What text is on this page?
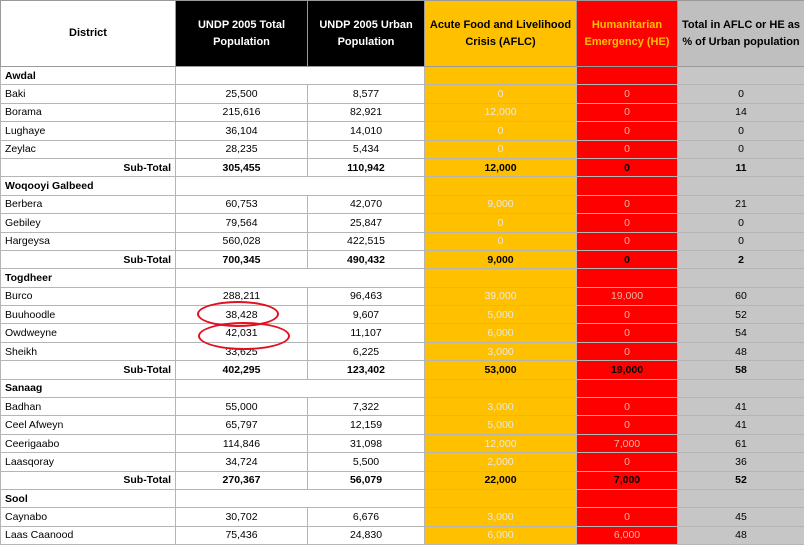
District	UNDP 2005 Total Population	UNDP 2005 Urban Population	Acute Food and Livelihood Crisis (AFLC)	Humanitarian Emergency (HE)	Total in AFLC or HE as % of Urban population
Awdal					
Baki	25,500	8,577	0	0	0
Borama	215,616	82,921	12,000	0	14
Lughaye	36,104	14,010	0	0	0
Zeylac	28,235	5,434	0	0	0
Sub-Total	305,455	110,942	12,000	0	11
Woqooyi Galbeed					
Berbera	60,753	42,070	9,000	0	21
Gebiley	79,564	25,847	0	0	0
Hargeysa	560,028	422,515	0	0	0
Sub-Total	700,345	490,432	9,000	0	2
Togdheer					
Burco	288,211	96,463	39,000	19,000	60
Buuhoodle	38,428	9,607	5,000	0	52
Owdweyne	42,031	11,107	6,000	0	54
Sheikh	33,625	6,225	3,000	0	48
Sub-Total	402,295	123,402	53,000	19,000	58
Sanaag					
Badhan	55,000	7,322	3,000	0	41
Ceel Afweyn	65,797	12,159	5,000	0	41
Ceerigaabo	114,846	31,098	12,000	7,000	61
Laasqoray	34,724	5,500	2,000	0	36
Sub-Total	270,367	56,079	22,000	7,000	52
Sool					
Caynabo	30,702	6,676	3,000	0	45
Laas Caanood	75,436	24,830	6,000	6,000	48
